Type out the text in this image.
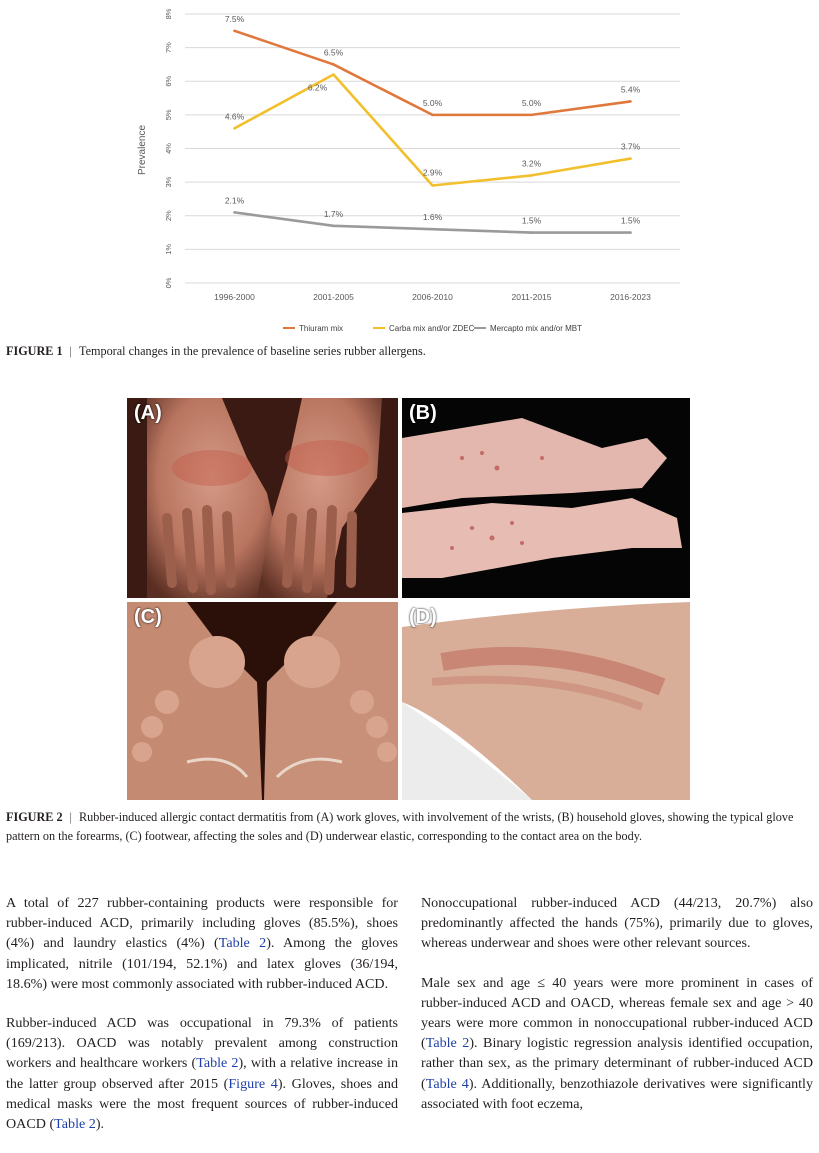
0%
1%
2%
3%
4%
5%
6%
7%
8%
Prevalence
1996-2000	2001-2005	2006-2010	2011-2015	2016-2023
7.5%
6.5%
5.0%	5.0%
5.4%
4.6%
6.2%
2.9%
3.2%
3.7%
2.1%
1.7%	1.6%	1.5%	1.5%
Thiuram mix	Carba mix and/or ZDEC Mercapto mix and/or MBT
FIGURE 1 | Temporal changes in the prevalence of baseline series rubber allergens.
(A)	(B)
(C)	(D)
FIGURE 2 | Rubber-induced allergic contact dermatitis from (A) work gloves, with involvement of the wrists, (B) household gloves, showing the typical glove pattern on the forearms, (C) footwear, affecting the soles and (D) underwear elastic, corresponding to the contact area on the body.

A total of 227 rubber-containing products were responsible for rubber-induced ACD, primarily including gloves (85.5%), shoes (4%) and laundry elastics (4%) (Table 2). Among the gloves implicated, nitrile (101/194, 52.1%) and latex gloves (36/194, 18.6%) were most commonly associated with rubber-induced ACD.

Rubber-induced ACD was occupational in 79.3% of patients (169/213). OACD was notably prevalent among construction workers and healthcare workers (Table 2), with a relative increase in the latter group observed after 2015 (Figure 4). Gloves, shoes and medical masks were the most frequent sources of rubber-induced OACD (Table 2).

Nonoccupational rubber-induced ACD (44/213, 20.7%) also predominantly affected the hands (75%), primarily due to gloves, whereas underwear and shoes were other relevant sources.

Male sex and age ≤ 40 years were more prominent in cases of rubber-induced ACD and OACD, whereas female sex and age > 40 years were more common in nonoccupational rubber-induced ACD (Table 2). Binary logistic regression analysis identified occupation, rather than sex, as the primary determinant of rubber-induced ACD (Table 4). Additionally, benzothiazole derivatives were significantly associated with foot eczema,
